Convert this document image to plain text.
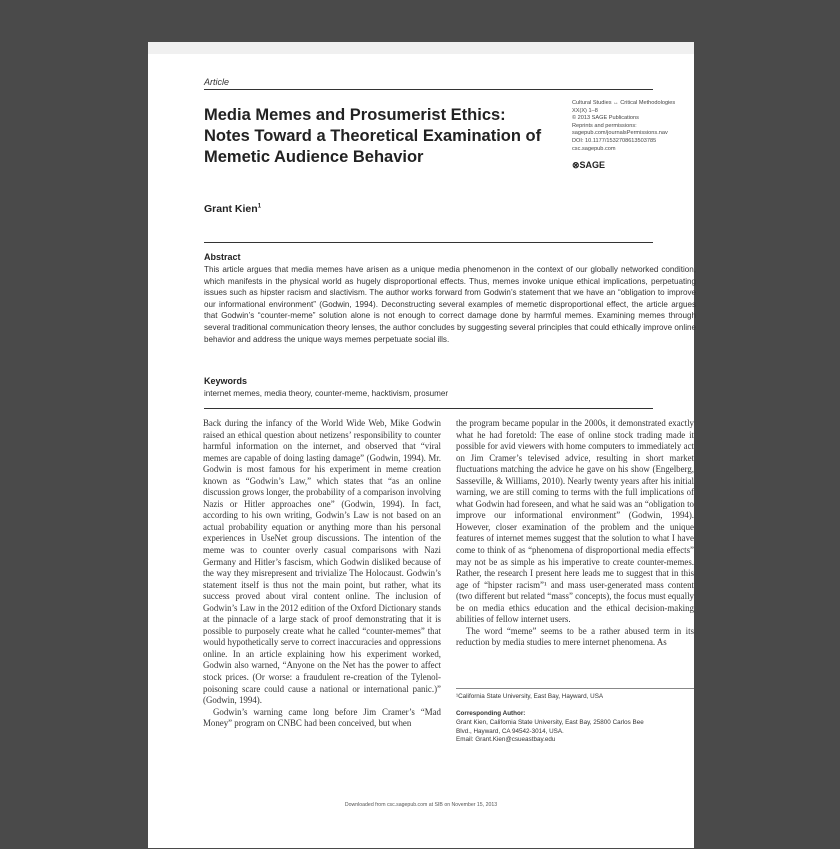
Article
Media Memes and Prosumerist Ethics: Notes Toward a Theoretical Examination of Memetic Audience Behavior
Cultural Studies ↔ Critical Methodologies
XX(X) 1–8
© 2013 SAGE Publications
Reprints and permissions:
sagepub.com/journalsPermissions.nav
DOI: 10.1177/1532708613503785
csc.sagepub.com
⊗SAGE
Grant Kien$^1$
Abstract
This article argues that media memes have arisen as a unique media phenomenon in the context of our globally networked condition, which manifests in the physical world as hugely disproportional effects. Thus, memes invoke unique ethical implications, perpetuating issues such as hipster racism and slactivism. The author works forward from Godwin’s statement that we have an “obligation to improve our informational environment” (Godwin, 1994). Deconstructing several examples of memetic disproportional effect, the article argues that Godwin’s “counter-meme” solution alone is not enough to correct damage done by harmful memes. Examining memes through several traditional communication theory lenses, the author concludes by suggesting several principles that could ethically improve online behavior and address the unique ways memes perpetuate social ills.
Keywords
internet memes, media theory, counter-meme, hacktivism, prosumer

Back during the infancy of the World Wide Web, Mike Godwin raised an ethical question about netizens’ responsibility to counter harmful information on the internet, and observed that “viral memes are capable of doing lasting damage” (Godwin, 1994). Mr. Godwin is most famous for his experiment in meme creation known as “Godwin’s Law,” which states that “as an online discussion grows longer, the probability of a comparison involving Nazis or Hitler approaches one” (Godwin, 1994). In fact, according to his own writing, Godwin’s Law is not based on an actual probability equation or anything more than his personal experiences in UseNet group discussions. The intention of the meme was to counter overly casual comparisons with Nazi Germany and Hitler’s fascism, which Godwin disliked because of the way they misrepresent and trivialize The Holocaust. Godwin’s statement itself is thus not the main point, but rather, what its success proved about viral content online. The inclusion of Godwin’s Law in the 2012 edition of the Oxford Dictionary stands at the pinnacle of a large stack of proof demonstrating that it is possible to purposely create what he called “counter-memes” that would hypothetically serve to correct inaccuracies and oppressions online. In an article explaining how his experiment worked, Godwin also warned, “Anyone on the Net has the power to affect stock prices. (Or worse: a fraudulent re-creation of the Tylenol-poisoning scare could cause a national or international panic.)” (Godwin, 1994).

Godwin’s warning came long before Jim Cramer’s “Mad Money” program on CNBC had been conceived, but when

the program became popular in the 2000s, it demonstrated exactly what he had foretold: The ease of online stock trading made it possible for avid viewers with home computers to immediately act on Jim Cramer’s televised advice, resulting in short market fluctuations matching the advice he gave on his show (Engelberg, Sasseville, & Williams, 2010). Nearly twenty years after his initial warning, we are still coming to terms with the full implications of what Godwin had foreseen, and what he said was an “obligation to improve our informational environment” (Godwin, 1994). However, closer examination of the problem and the unique features of internet memes suggest that the solution to what I have come to think of as “phenomena of disproportional media effects” may not be as simple as his imperative to create counter-memes. Rather, the research I present here leads me to suggest that in this age of “hipster racism”¹ and mass user-generated mass content (two different but related “mass” concepts), the focus must equally be on media ethics education and the ethical decision-making abilities of fellow internet users.

The word “meme” seems to be a rather abused term in its reduction by media studies to mere internet phenomena. As

¹California State University, East Bay, Hayward, USA
Corresponding Author:
Grant Kien, California State University, East Bay, 25800 Carlos Bee
Blvd., Hayward, CA 94542-3014, USA.
Email: Grant.Kien@csueastbay.edu
Downloaded from csc.sagepub.com at SIB on November 15, 2013
